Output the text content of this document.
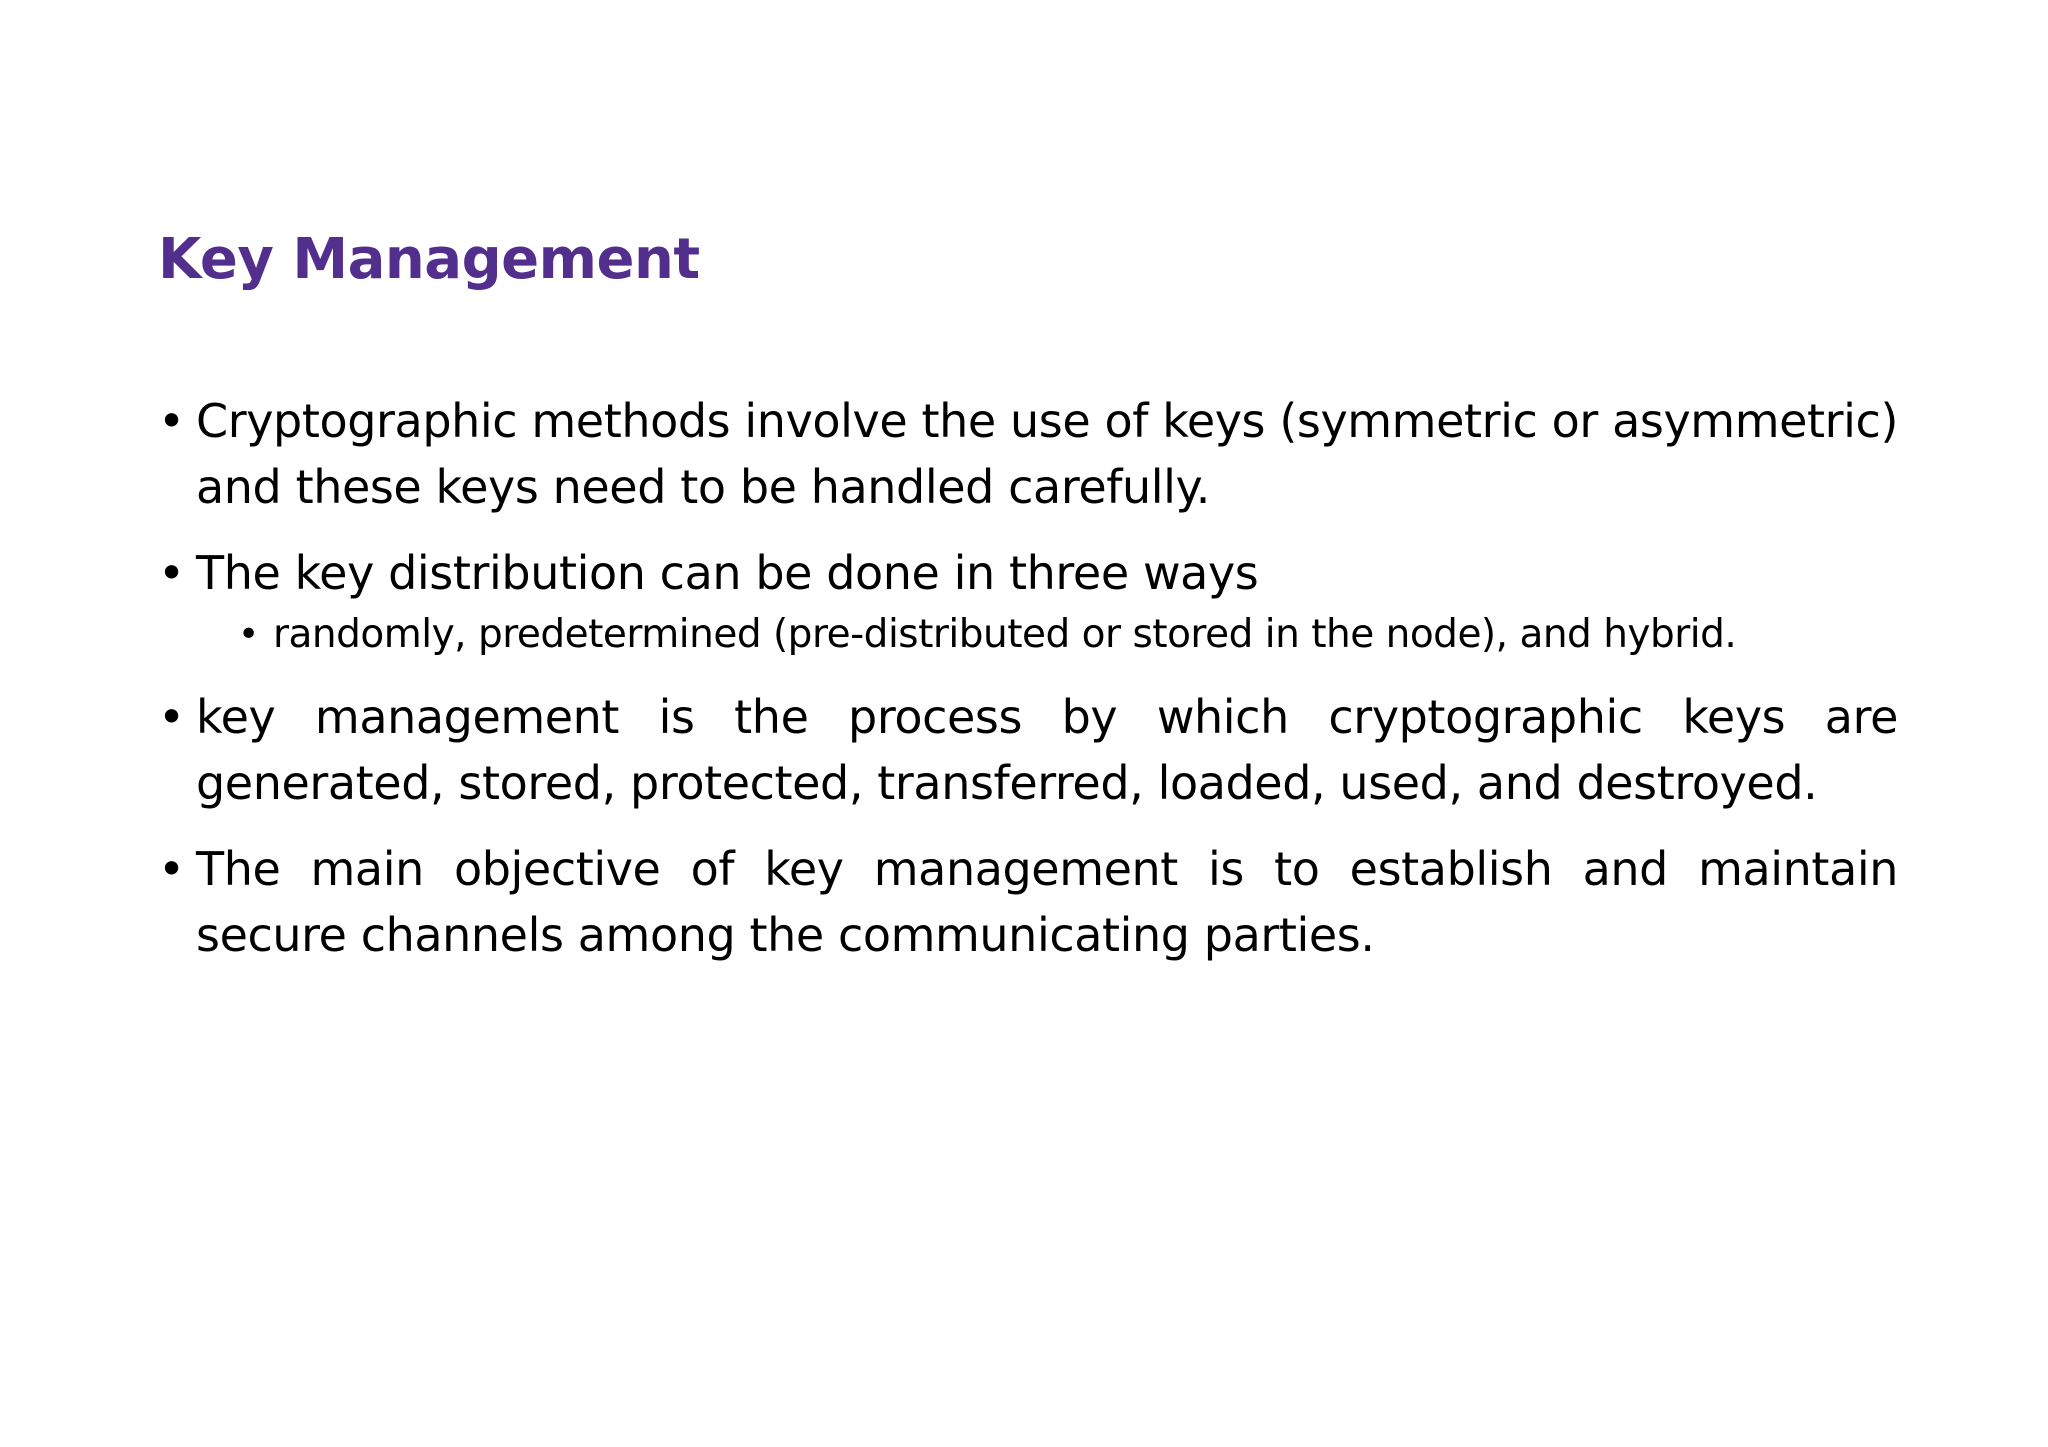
Key Management
• Cryptographic methods involve the use of keys (symmetric or asymmetric) and these keys need to be handled carefully.
• The key distribution can be done in three ways
• randomly, predetermined (pre-distributed or stored in the node), and hybrid.
• key management is the process by which cryptographic keys are generated, stored, protected, transferred, loaded, used, and destroyed.
• The main objective of key management is to establish and maintain secure channels among the communicating parties.
